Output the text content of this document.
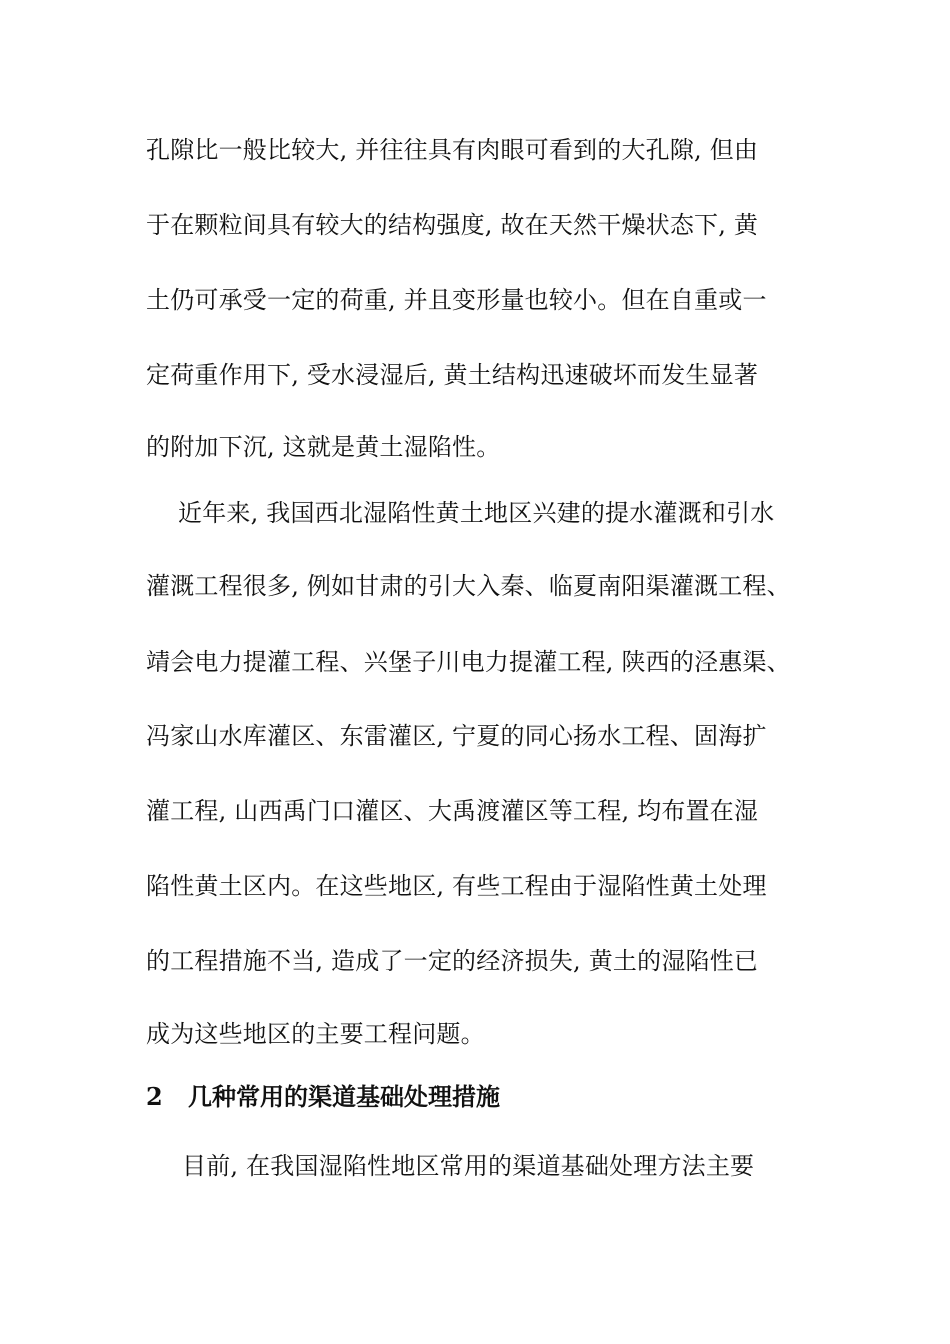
孔隙比一般比较大, 并往往具有肉眼可看到的大孔隙, 但由
于在颗粒间具有较大的结构强度, 故在天然干燥状态下, 黄
土仍可承受一定的荷重, 并且变形量也较小。但在自重或一
定荷重作用下, 受水浸湿后, 黄土结构迅速破坏而发生显著
的附加下沉, 这就是黄土湿陷性。
近年来, 我国西北湿陷性黄土地区兴建的提水灌溉和引水
灌溉工程很多, 例如甘肃的引大入秦、临夏南阳渠灌溉工程、
靖会电力提灌工程、兴堡子川电力提灌工程, 陕西的泾惠渠、
冯家山水库灌区、东雷灌区, 宁夏的同心扬水工程、固海扩
灌工程, 山西禹门口灌区、大禹渡灌区等工程, 均布置在湿
陷性黄土区内。在这些地区, 有些工程由于湿陷性黄土处理
的工程措施不当, 造成了一定的经济损失, 黄土的湿陷性已
成为这些地区的主要工程问题。
2 几种常用的渠道基础处理措施
目前, 在我国湿陷性地区常用的渠道基础处理方法主要
